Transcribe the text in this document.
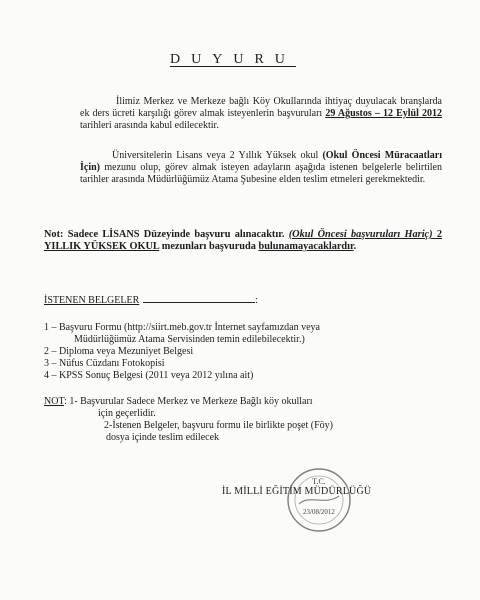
DUYURU
İlimiz Merkez ve Merkeze bağlı Köy Okullarında ihtiyaç duyulacak branşlarda ek ders ücreti karşılığı görev almak isteyenlerin başvuruları 29 Ağustos – 12 Eylül 2012 tarihleri arasında kabul edilecektir.
Üniversitelerin Lisans veya 2 Yıllık Yüksek okul (Okul Öncesi Müracaatları İçin) mezunu olup, görev almak isteyen adayların aşağıda istenen belgelerle belirtilen tarihler arasında Müdürlüğümüz Atama Şubesine elden teslim etmeleri gerekmektedir.
Not: Sadece LİSANS Düzeyinde başvuru alınacaktır. (Okul Öncesi başvuruları Hariç) 2 YILLIK YÜKSEK OKUL mezunları başvuruda bulunamayacaklardır.
İSTENEN BELGELER	:
1 – Başvuru Formu (http://siirt.meb.gov.tr İnternet sayfamızdan veya
Müdürlüğümüz Atama Servisinden temin edilebilecektir.)
2 – Diploma veya Mezuniyet Belgesi
3 – Nüfus Cüzdanı Fotokopisi
4 – KPSS Sonuç Belgesi (2011 veya 2012 yılına ait)
NOT: 1- Başvurular Sadece Merkez ve Merkeze Bağlı köy okulları
için geçerlidir.
2-İstenen Belgeler, başvuru formu ile birlikte poşet (Föy)
dosya içinde teslim edilecek
T.C.
23/08/2012
İL MİLLİ EĞİTİM MÜDÜRLÜĞÜ
